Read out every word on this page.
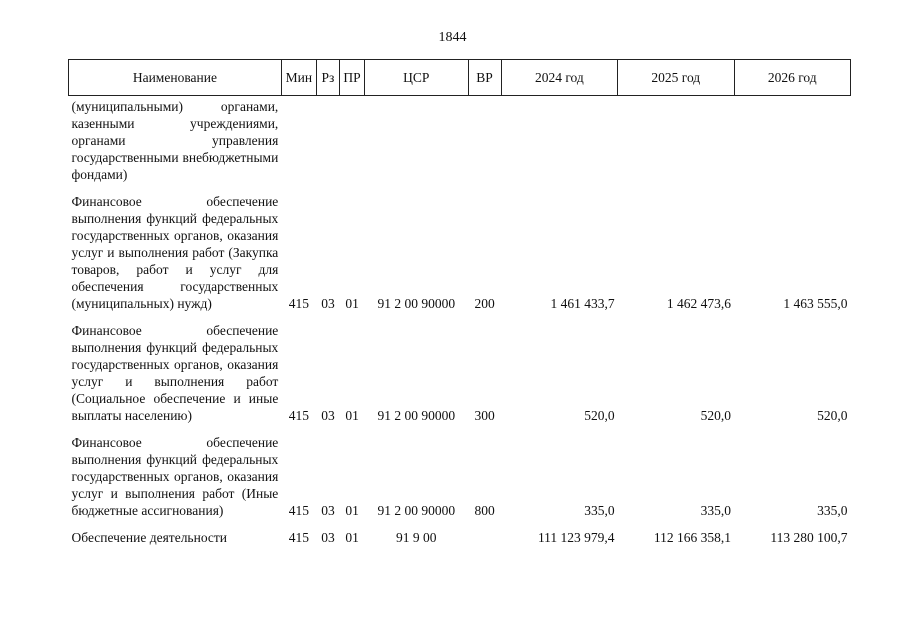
1844
Наименование	Мин	Рз	ПР	ЦСР	ВР	2024 год	2025 год	2026 год
(муниципальными) органами, казенными учреждениями, органами управления государственными внебюджетными фондами)								
Финансовое обеспечение выполнения функций федеральных государственных органов, оказания услуг и выполнения работ (Закупка товаров, работ и услуг для обеспечения государственных (муниципальных) нужд)	415	03	01	91 2 00 90000	200	1 461 433,7	1 462 473,6	1 463 555,0
Финансовое обеспечение выполнения функций федеральных государственных органов, оказания услуг и выполнения работ (Социальное обеспечение и иные выплаты населению)	415	03	01	91 2 00 90000	300	520,0	520,0	520,0
Финансовое обеспечение выполнения функций федеральных государственных органов, оказания услуг и выполнения работ (Иные бюджетные ассигнования)	415	03	01	91 2 00 90000	800	335,0	335,0	335,0
Обеспечение деятельности	415	03	01	91 9 00		111 123 979,4	112 166 358,1	113 280 100,7
